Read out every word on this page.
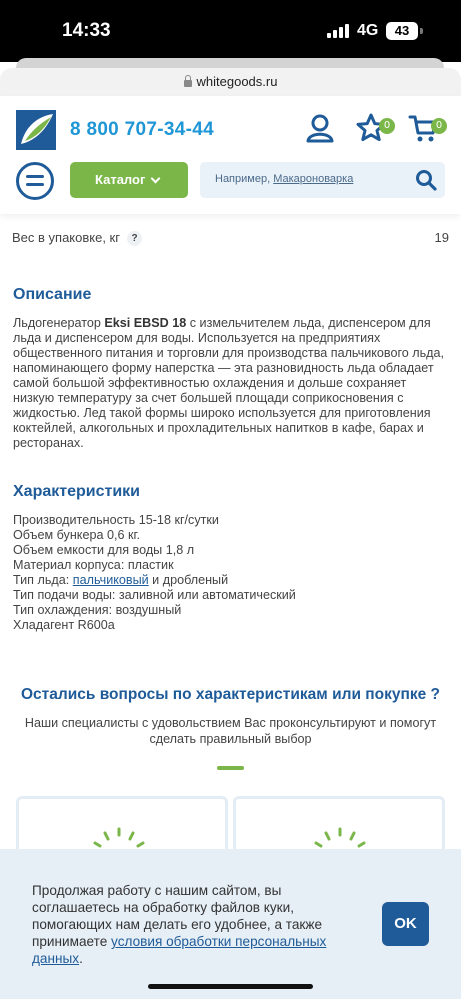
14:33	4G	43
whitegoods.ru
8 800 707-34-44	0	0
Каталог	Например, Макароноварка
Вес в упаковке, кг ?	19
Описание
Льдогенератор Eksi EBSD 18 с измельчителем льда, диспенсером для льда и диспенсером для воды. Используется на предприятиях общественного питания и торговли для производства пальчикового льда, напоминающего форму наперстка — эта разновидность льда обладает самой большой эффективностью охлаждения и дольше сохраняет низкую температуру за счет большей площади соприкосновения с жидкостью. Лед такой формы широко используется для приготовления коктейлей, алкогольных и прохладительных напитков в кафе, барах и ресторанах.
Характеристики
Производительность 15-18 кг/сутки
Объем бункера 0,6 кг.
Объем емкости для воды 1,8 л
Материал корпуса: пластик
Тип льда: пальчиковый и дробленый
Тип подачи воды: заливной или автоматический
Тип охлаждения: воздушный
Хладагент R600a
Остались вопросы по характеристикам или покупке ?
Наши специалисты с удовольствием Вас проконсультируют и помогут сделать правильный выбор
Продолжая работу с нашим сайтом, вы соглашаетесь на обработку файлов куки, помогающих нам делать его удобнее, а также принимаете условия обработки персональных данных.
OK
